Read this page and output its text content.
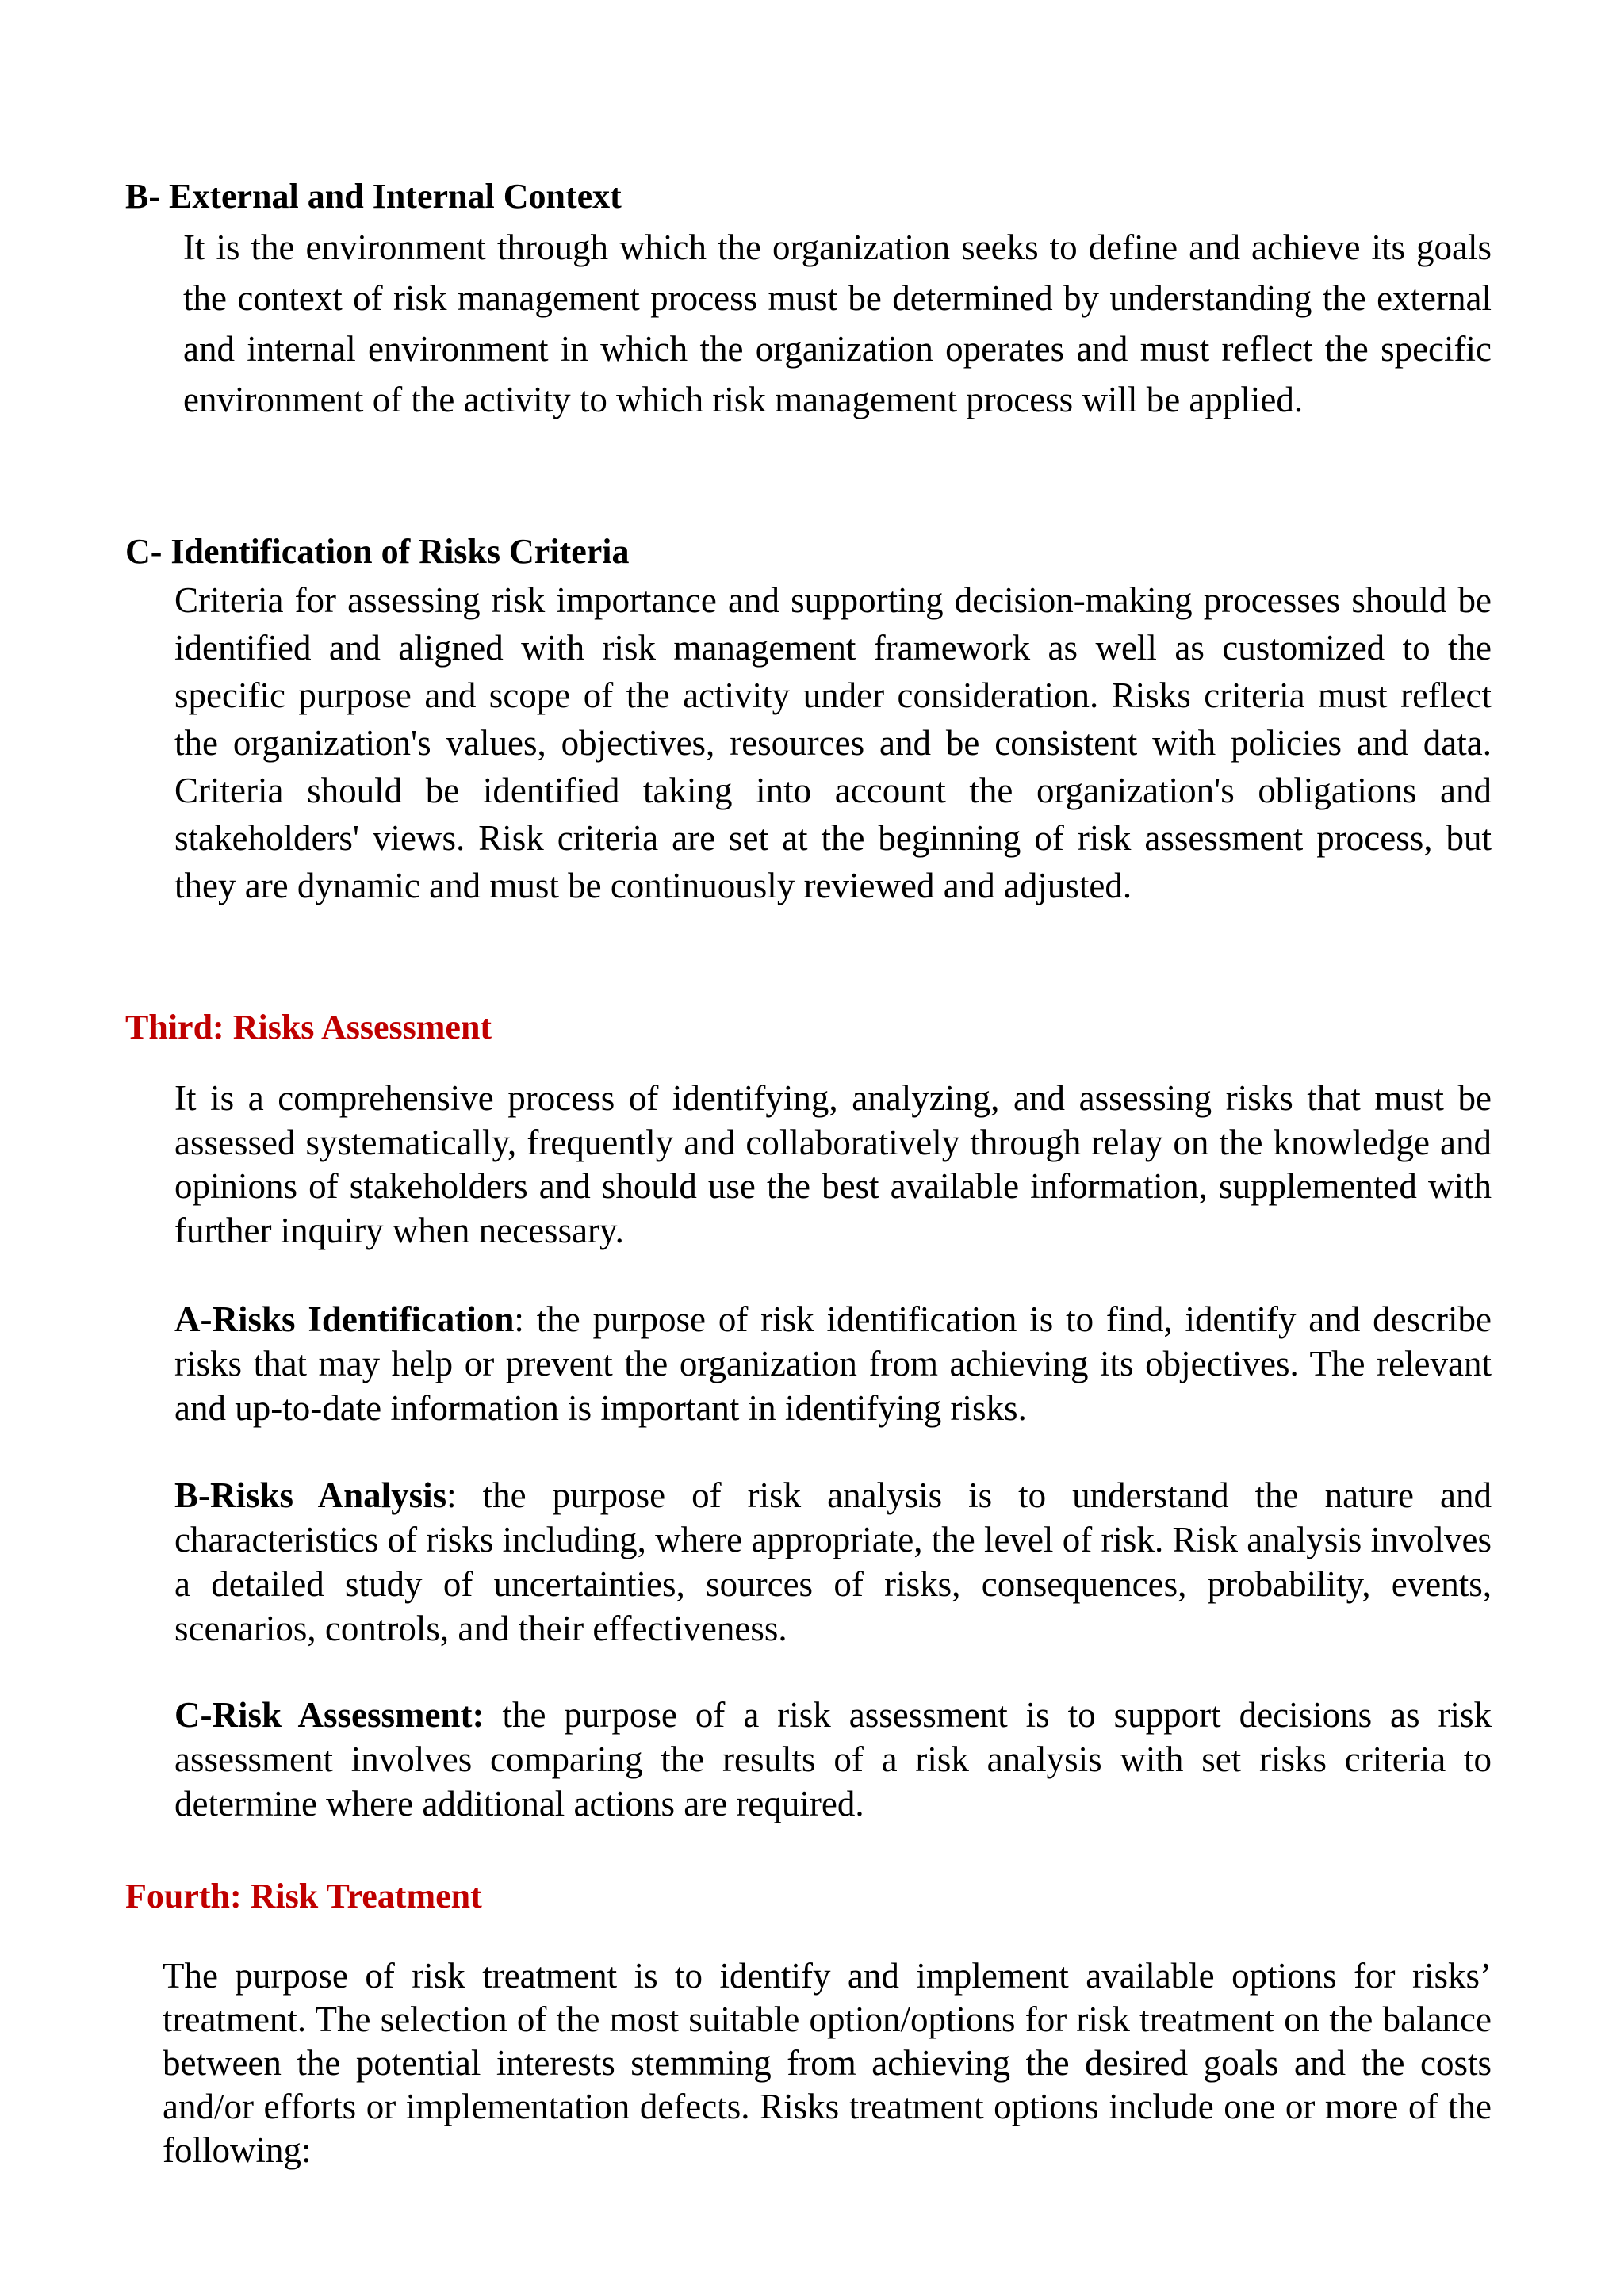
B- External and Internal Context

It is the environment through which the organization seeks to define and achieve its goals the context of risk management process must be determined by understanding the external and internal environment in which the organization operates and must reflect the specific environment of the activity to which risk management process will be applied.

C- Identification of Risks Criteria

Criteria for assessing risk importance and supporting decision-making processes should be identified and aligned with risk management framework as well as customized to the specific purpose and scope of the activity under consideration. Risks criteria must reflect the organization's values, objectives, resources and be consistent with policies and data. Criteria should be identified taking into account the organization's obligations and stakeholders' views. Risk criteria are set at the beginning of risk assessment process, but they are dynamic and must be continuously reviewed and adjusted.

Third: Risks Assessment

It is a comprehensive process of identifying, analyzing, and assessing risks that must be assessed systematically, frequently and collaboratively through relay on the knowledge and opinions of stakeholders and should use the best available information, supplemented with further inquiry when necessary.

A-Risks Identification: the purpose of risk identification is to find, identify and describe risks that may help or prevent the organization from achieving its objectives. The relevant and up-to-date information is important in identifying risks.

B-Risks Analysis: the purpose of risk analysis is to understand the nature and characteristics of risks including, where appropriate, the level of risk. Risk analysis involves a detailed study of uncertainties, sources of risks, consequences, probability, events, scenarios, controls, and their effectiveness.

C-Risk Assessment: the purpose of a risk assessment is to support decisions as risk assessment involves comparing the results of a risk analysis with set risks criteria to determine where additional actions are required.

Fourth: Risk Treatment

The purpose of risk treatment is to identify and implement available options for risks’ treatment. The selection of the most suitable option/options for risk treatment on the balance between the potential interests stemming from achieving the desired goals and the costs and/or efforts or implementation defects. Risks treatment options include one or more of the following:
